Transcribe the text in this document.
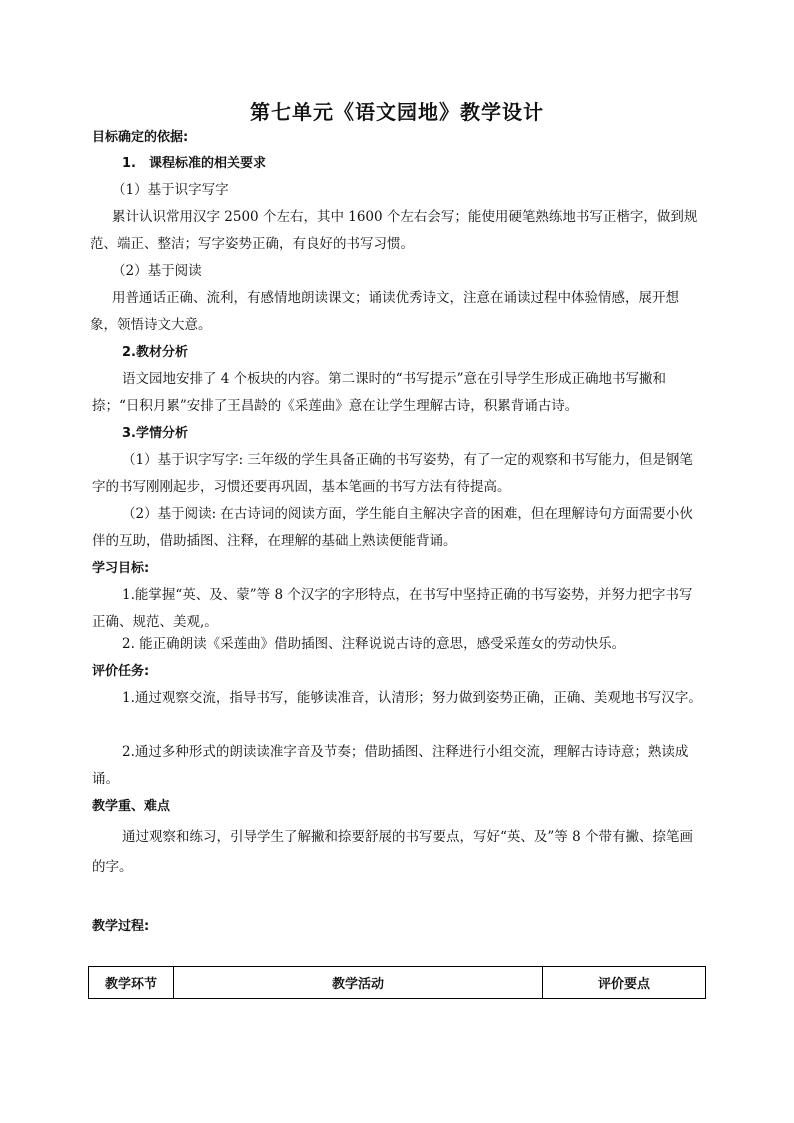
第七单元《语文园地》教学设计
目标确定的依据:
1.　课程标准的相关要求
（1）基于识字写字
累计认识常用汉字 2500 个左右，其中 1600 个左右会写；能使用硬笔熟练地书写正楷字，做到规范、端正、整洁；写字姿势正确，有良好的书写习惯。
（2）基于阅读
用普通话正确、流利，有感情地朗读课文；诵读优秀诗文，注意在诵读过程中体验情感，展开想象，领悟诗文大意。
2.教材分析
语文园地安排了 4 个板块的内容。第二课时的“书写提示”意在引导学生形成正确地书写撇和捺；“日积月累”安排了王昌龄的《采莲曲》意在让学生理解古诗，积累背诵古诗。
3.学情分析
（1）基于识字写字: 三年级的学生具备正确的书写姿势，有了一定的观察和书写能力，但是钢笔字的书写刚刚起步，习惯还要再巩固，基本笔画的书写方法有待提高。
（2）基于阅读: 在古诗词的阅读方面，学生能自主解决字音的困难，但在理解诗句方面需要小伙伴的互助，借助插图、注释，在理解的基础上熟读便能背诵。
学习目标:
1.能掌握“英、及、蒙”等 8 个汉字的字形特点，在书写中坚持正确的书写姿势，并努力把字书写正确、规范、美观,。
2. 能正确朗读《采莲曲》借助插图、注释说说古诗的意思，感受采莲女的劳动快乐。
评价任务:
1.通过观察交流，指导书写，能够读准音，认清形；努力做到姿势正确，正确、美观地书写汉字。
2.通过多种形式的朗读读准字音及节奏；借助插图、注释进行小组交流，理解古诗诗意；熟读成诵。
教学重、难点
通过观察和练习，引导学生了解撇和捺要舒展的书写要点，写好“英、及”等 8 个带有撇、捺笔画的字。
教学过程:
教学环节	教学活动	评价要点
